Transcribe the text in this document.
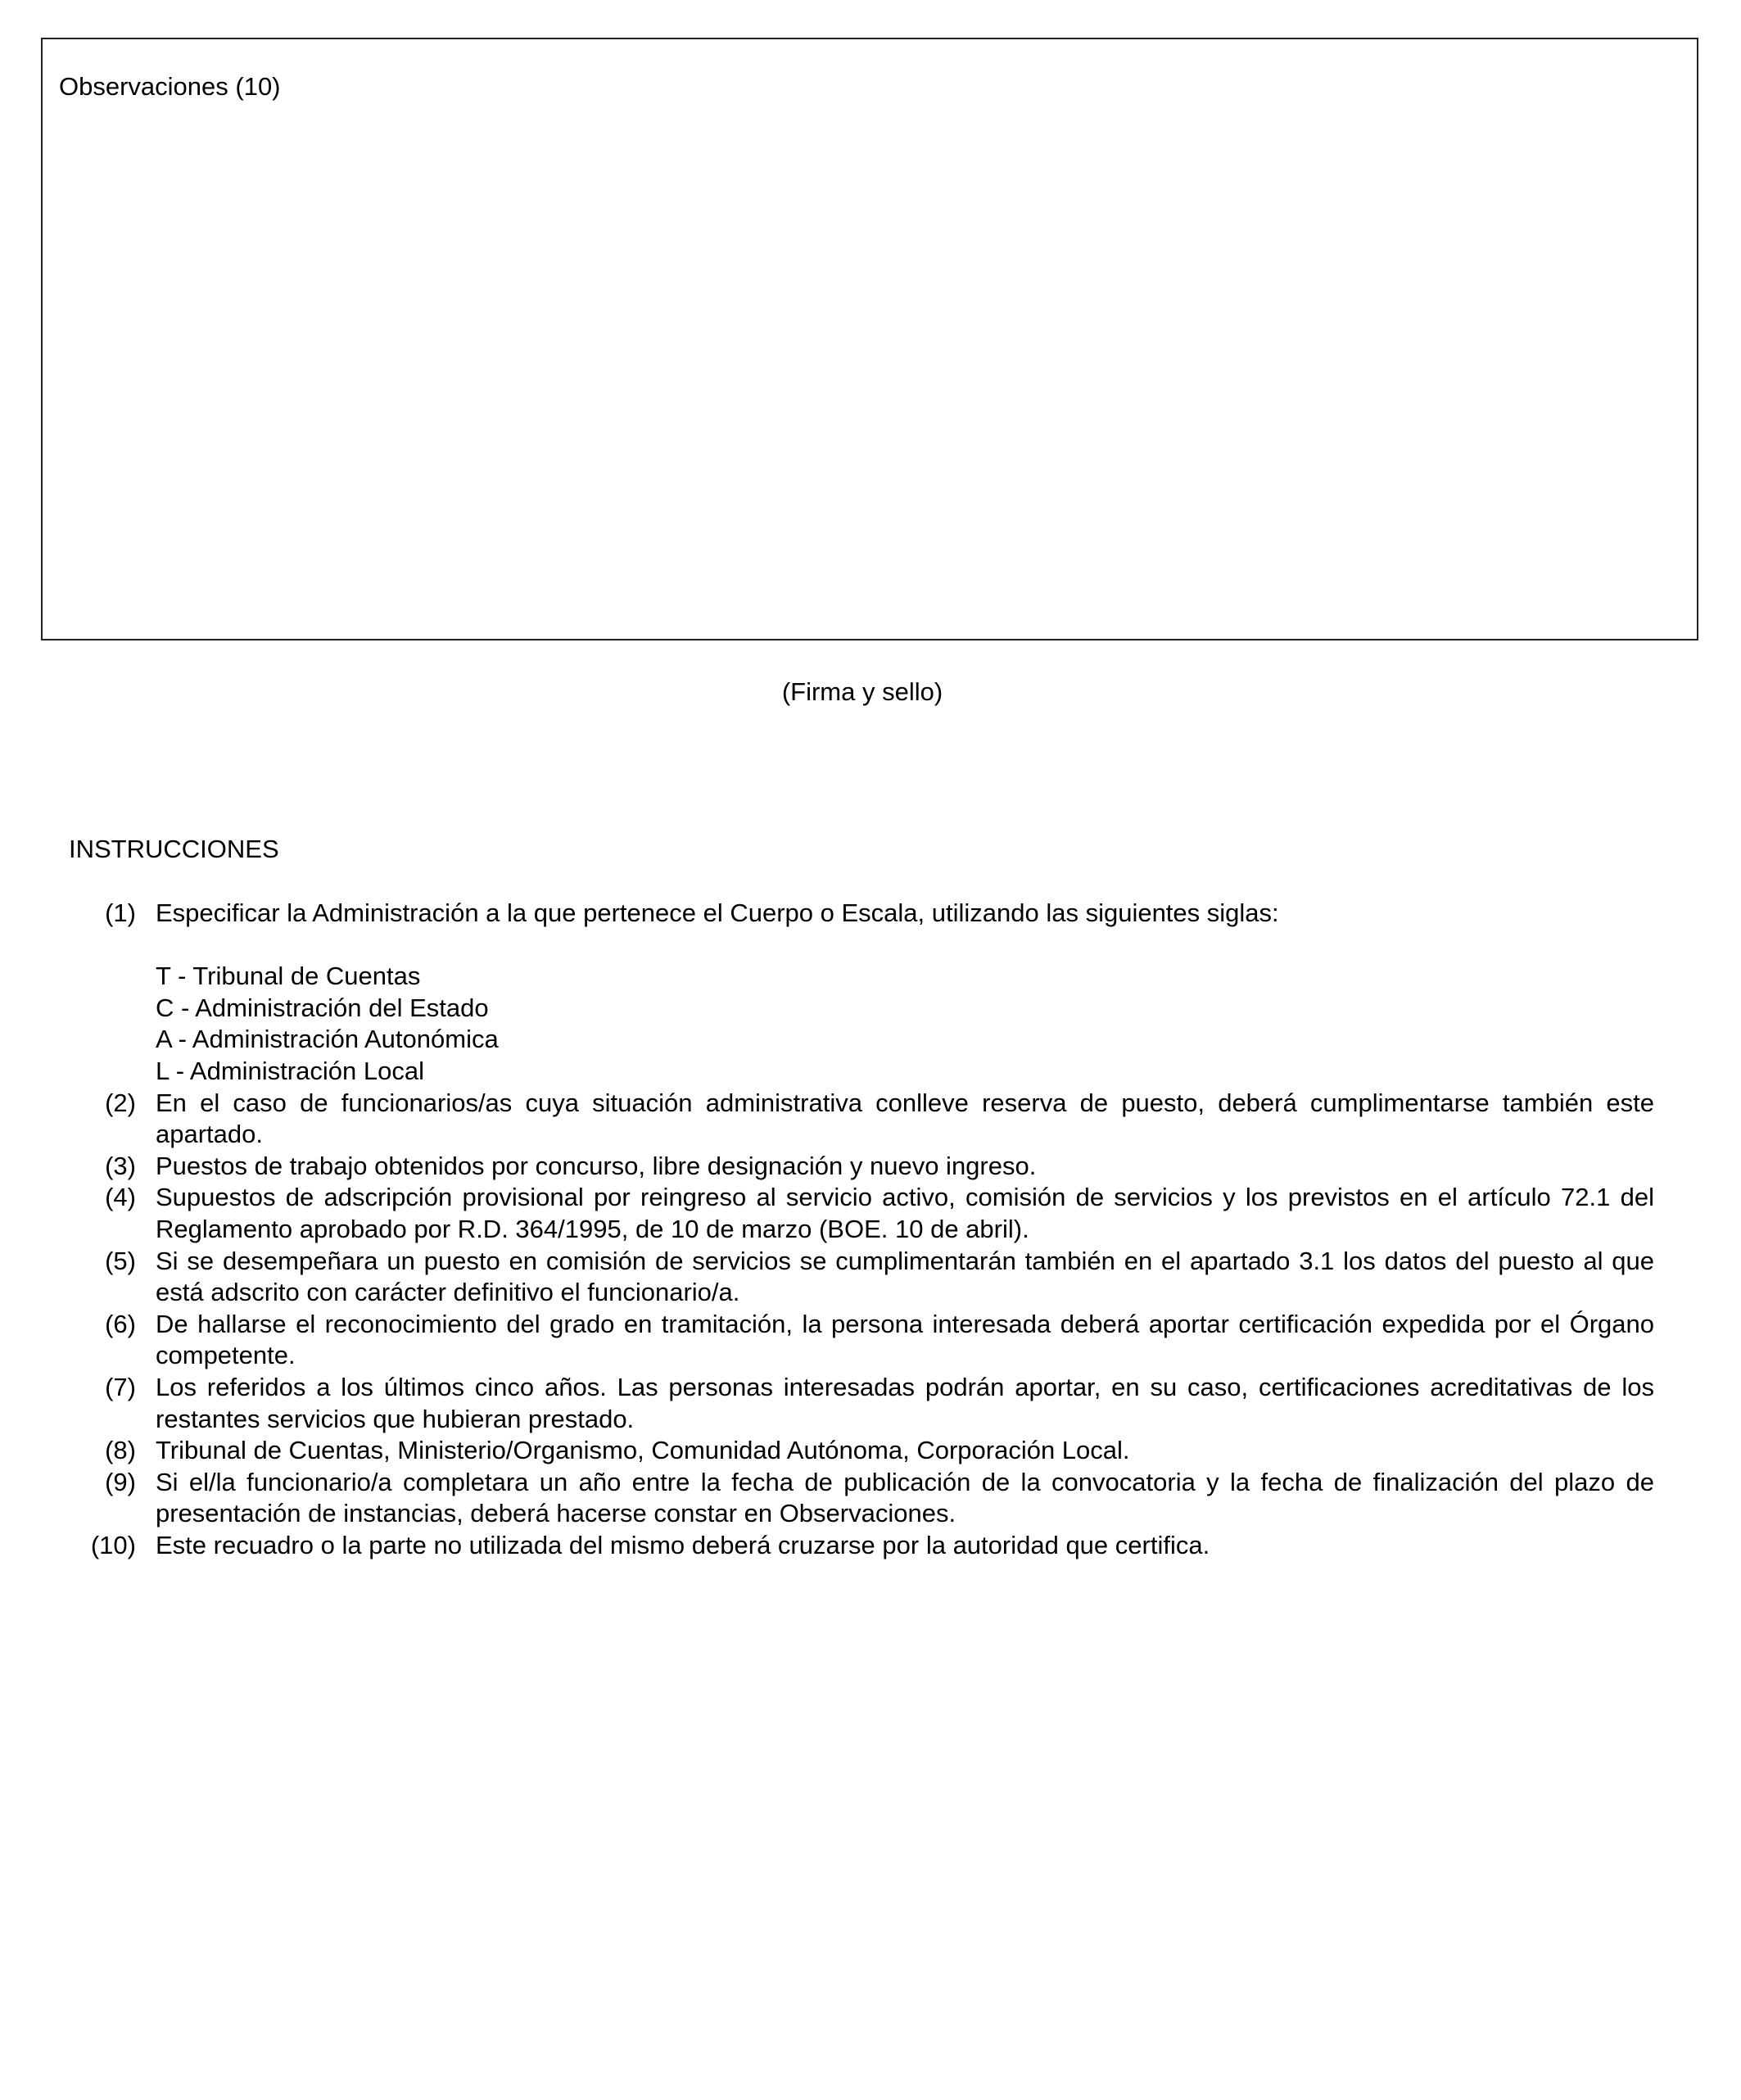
Observaciones (10)
(Firma y sello)
INSTRUCCIONES
(1) Especificar la Administración a la que pertenece el Cuerpo o Escala, utilizando las siguientes siglas:
T - Tribunal de Cuentas
C - Administración del Estado
A - Administración Autonómica
L - Administración Local
(2) En el caso de funcionarios/as cuya situación administrativa conlleve reserva de puesto, deberá cumplimentarse también este apartado.
(3) Puestos de trabajo obtenidos por concurso, libre designación y nuevo ingreso.
(4) Supuestos de adscripción provisional por reingreso al servicio activo, comisión de servicios y los previstos en el artículo 72.1 del Reglamento aprobado por R.D. 364/1995, de 10 de marzo (BOE. 10 de abril).
(5) Si se desempeñara un puesto en comisión de servicios se cumplimentarán también en el apartado 3.1 los datos del puesto al que está adscrito con carácter definitivo el funcionario/a.
(6) De hallarse el reconocimiento del grado en tramitación, la persona interesada deberá aportar certificación expedida por el Órgano competente.
(7) Los referidos a los últimos cinco años. Las personas interesadas podrán aportar, en su caso, certificaciones acreditativas de los restantes servicios que hubieran prestado.
(8) Tribunal de Cuentas, Ministerio/Organismo, Comunidad Autónoma, Corporación Local.
(9) Si el/la funcionario/a completara un año entre la fecha de publicación de la convocatoria y la fecha de finalización del plazo de presentación de instancias, deberá hacerse constar en Observaciones.
(10) Este recuadro o la parte no utilizada del mismo deberá cruzarse por la autoridad que certifica.
